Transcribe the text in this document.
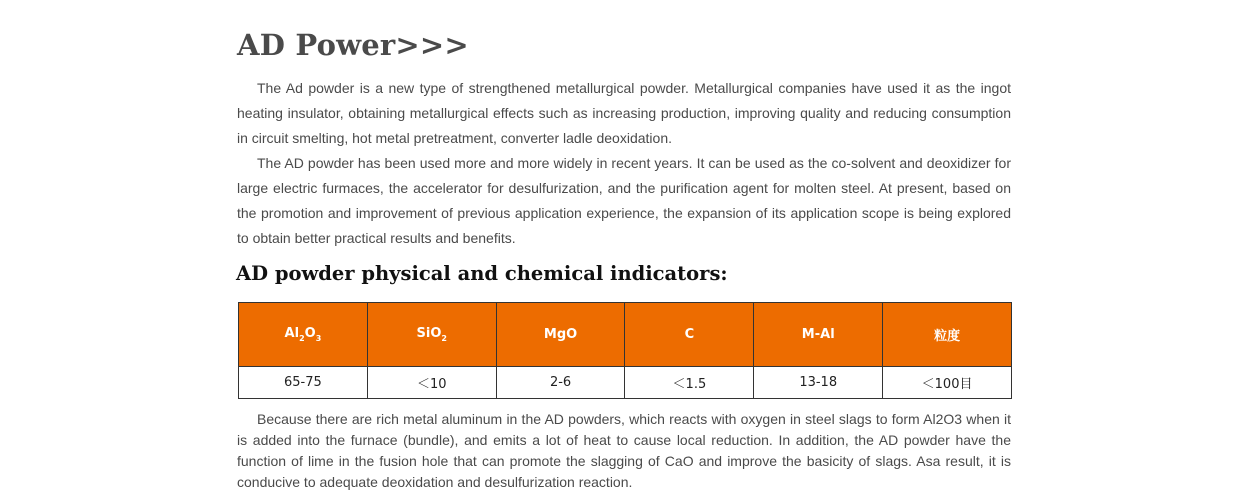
AD Power>>>

The Ad powder is a new type of strengthened metallurgical powder. Metallurgical companies have used it as the ingot heating insulator, obtaining metallurgical effects such as increasing production, improving quality and reducing consumption in circuit smelting, hot metal pretreatment, converter ladle deoxidation.

The AD powder has been used more and more widely in recent years. It can be used as the co-solvent and deoxidizer for large electric furmaces, the accelerator for desulfurization, and the purification agent for molten steel. At present, based on the promotion and improvement of previous application experience, the expansion of its application scope is being explored to obtain better practical results and benefits.

AD powder physical and chemical indicators:
$Al_2O_3$	SiO$_2$	MgO	C	M-Al	粒度
65-75	＜10	2-6	＜1.5	13-18	＜100目

Because there are rich metal aluminum in the AD powders, which reacts with oxygen in steel slags to form Al2O3 when it is added into the furnace (bundle), and emits a lot of heat to cause local reduction. In addition, the AD powder have the function of lime in the fusion hole that can promote the slagging of CaO and improve the basicity of slags. Asa result, it is conducive to adequate deoxidation and desulfurization reaction.
